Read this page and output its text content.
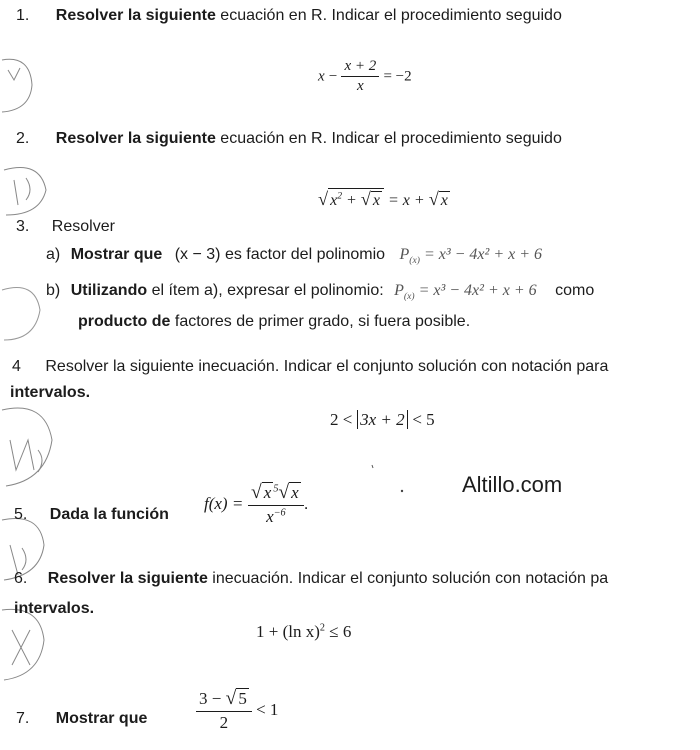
1. Resolver la siguiente ecuación en R. Indicar el procedimiento seguido
$x - \frac{x + 2}{x} = -2$
2. Resolver la siguiente ecuación en R. Indicar el procedimiento seguido
√ $x^2$ + √ x = x + √ x
3. Resolver
a) Mostrar que (x − 3) es factor del polinomio $P_{(x)} = x^3 - 4x^2 + x + 6$
b) Utilizando el ítem a), expresar el polinomio: $P_{(x)} = x^3 - 4x^2 + x + 6$ como
producto de factores de primer grado, si fuera posible.
4 Resolver la siguiente inecuación. Indicar el conjunto solución con notación para
intervalos.
2 < 3x + 2 < 5
Altillo.com
5. Dada la función
$f(x) = \frac{√ x ^5√ x}{x^{-6}}$ .
6. Resolver la siguiente inecuación. Indicar el conjunto solución con notación pa
intervalos.
1 + (ln x)$^2$ ≤ 6
7. Mostrar que	$\frac{3 - √ 5}{2} < 1$
